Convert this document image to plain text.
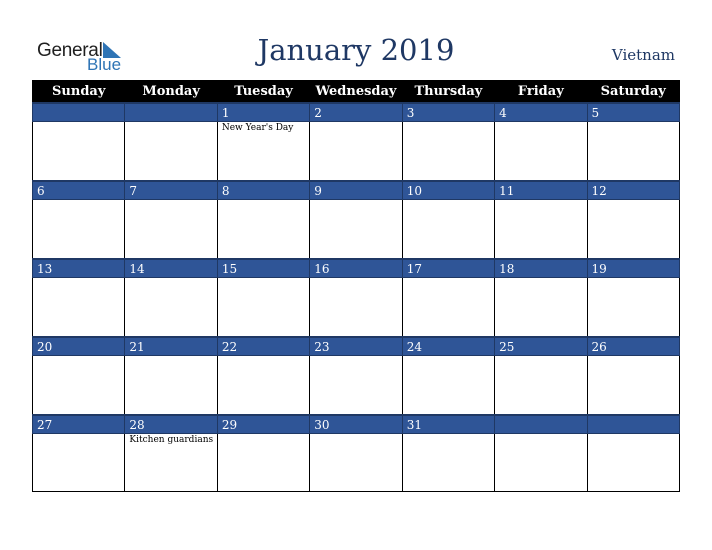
General
Blue	January 2019	Vietnam
Sunday	Monday	Tuesday	Wednesday	Thursday	Friday	Saturday
		1	2	3	4	5
		New Year's Day				
6	7	8	9	10	11	12

13	14	15	16	17	18	19

20	21	22	23	24	25	26

27	28	29	30	31		
	Kitchen guardians					
